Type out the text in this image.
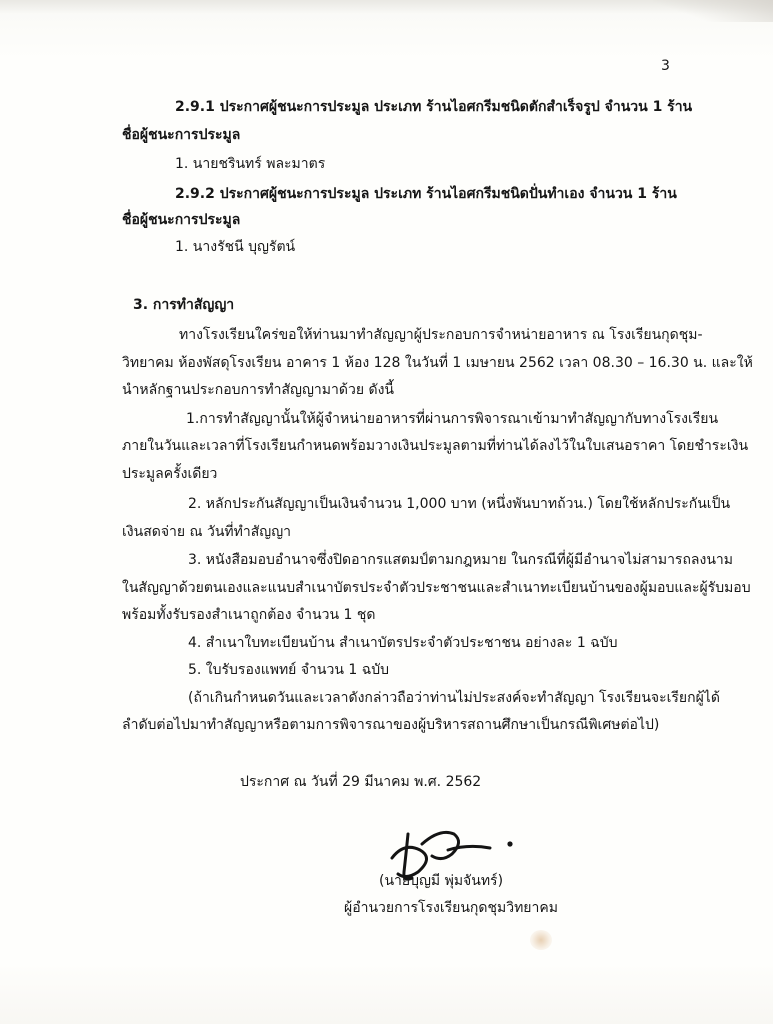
3
2.9.1 ประกาศผู้ชนะการประมูล ประเภท ร้านไอศกรีมชนิดตักสำเร็จรูป จำนวน 1 ร้าน
ชื่อผู้ชนะการประมูล
1. นายชรินทร์ พละมาตร
2.9.2 ประกาศผู้ชนะการประมูล ประเภท ร้านไอศกรีมชนิดปั่นทำเอง จำนวน 1 ร้าน
ชื่อผู้ชนะการประมูล
1. นางรัชนี บุญรัตน์
3. การทำสัญญา
ทางโรงเรียนใคร่ขอให้ท่านมาทำสัญญาผู้ประกอบการจำหน่ายอาหาร ณ โรงเรียนกุดชุม-
วิทยาคม ห้องพัสดุโรงเรียน อาคาร 1 ห้อง 128 ในวันที่ 1 เมษายน 2562 เวลา 08.30 – 16.30 น. และให้
นำหลักฐานประกอบการทำสัญญามาด้วย ดังนี้
1.การทำสัญญานั้นให้ผู้จำหน่ายอาหารที่ผ่านการพิจารณาเข้ามาทำสัญญากับทางโรงเรียน
ภายในวันและเวลาที่โรงเรียนกำหนดพร้อมวางเงินประมูลตามที่ท่านได้ลงไว้ในใบเสนอราคา โดยชำระเงิน
ประมูลครั้งเดียว
2. หลักประกันสัญญาเป็นเงินจำนวน 1,000 บาท (หนึ่งพันบาทถ้วน.) โดยใช้หลักประกันเป็น
เงินสดจ่าย ณ วันที่ทำสัญญา
3. หนังสือมอบอำนาจซึ่งปิดอากรแสตมป์ตามกฎหมาย ในกรณีที่ผู้มีอำนาจไม่สามารถลงนาม
ในสัญญาด้วยตนเองและแนบสำเนาบัตรประจำตัวประชาชนและสำเนาทะเบียนบ้านของผู้มอบและผู้รับมอบ
พร้อมทั้งรับรองสำเนาถูกต้อง จำนวน 1 ชุด
4. สำเนาใบทะเบียนบ้าน สำเนาบัตรประจำตัวประชาชน อย่างละ 1 ฉบับ
5. ใบรับรองแพทย์ จำนวน 1 ฉบับ
(ถ้าเกินกำหนดวันและเวลาดังกล่าวถือว่าท่านไม่ประสงค์จะทำสัญญา โรงเรียนจะเรียกผู้ได้
ลำดับต่อไปมาทำสัญญาหรือตามการพิจารณาของผู้บริหารสถานศึกษาเป็นกรณีพิเศษต่อไป)
ประกาศ ณ วันที่ 29 มีนาคม พ.ศ. 2562
(นายบุญมี พุ่มจันทร์)
ผู้อำนวยการโรงเรียนกุดชุมวิทยาคม
